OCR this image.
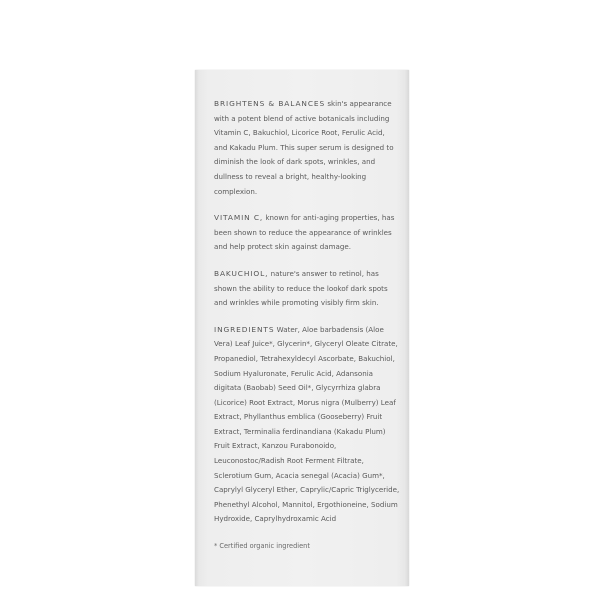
BRIGHTENS & BALANCES skin's appearance with a potent blend of active botanicals including Vitamin C, Bakuchiol, Licorice Root, Ferulic Acid, and Kakadu Plum. This super serum is designed to diminish the look of dark spots, wrinkles, and dullness to reveal a bright, healthy-looking complexion.

VITAMIN C, known for anti-aging properties, has been shown to reduce the appearance of wrinkles and help protect skin against damage.

BAKUCHIOL, nature's answer to retinol, has shown the ability to reduce the lookof dark spots and wrinkles while promoting visibly firm skin.

INGREDIENTS Water, Aloe barbadensis (Aloe Vera) Leaf Juice*, Glycerin*, Glyceryl Oleate Citrate, Propanediol, Tetrahexyldecyl Ascorbate, Bakuchiol, Sodium Hyaluronate, Ferulic Acid, Adansonia digitata (Baobab) Seed Oil*, Glycyrrhiza glabra (Licorice) Root Extract, Morus nigra (Mulberry) Leaf Extract, Phyllanthus emblica (Gooseberry) Fruit Extract, Terminalia ferdinandiana (Kakadu Plum) Fruit Extract, Kanzou Furabonoido, Leuconostoc/Radish Root Ferment Filtrate, Sclerotium Gum, Acacia senegal (Acacia) Gum*, Caprylyl Glyceryl Ether, Caprylic/Capric Triglyceride, Phenethyl Alcohol, Mannitol, Ergothioneine, Sodium Hydroxide, Caprylhydroxamic Acid

* Certified organic ingredient
